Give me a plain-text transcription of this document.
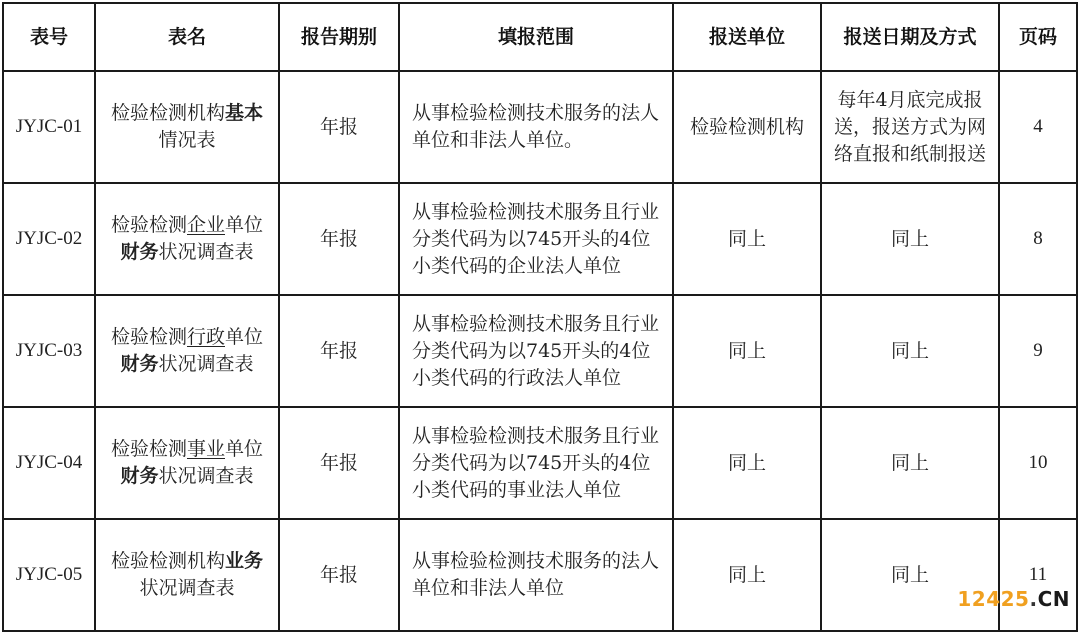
表号	表名	报告期别	填报范围	报送单位	报送日期及方式	页码
JYJC-01	检验检测机构基本情况表	年报	从事检验检测技术服务的法人单位和非法人单位。	检验检测机构	每年4月底完成报送，报送方式为网络直报和纸制报送	4
JYJC-02	检验检测企业单位财务状况调查表	年报	从事检验检测技术服务且行业分类代码为以745开头的4位小类代码的企业法人单位	同上	同上	8
JYJC-03	检验检测行政单位财务状况调查表	年报	从事检验检测技术服务且行业分类代码为以745开头的4位小类代码的行政法人单位	同上	同上	9
JYJC-04	检验检测事业单位财务状况调查表	年报	从事检验检测技术服务且行业分类代码为以745开头的4位小类代码的事业法人单位	同上	同上	10
JYJC-05	检验检测机构业务状况调查表	年报	从事检验检测技术服务的法人单位和非法人单位	同上	同上	11
12425.CN
